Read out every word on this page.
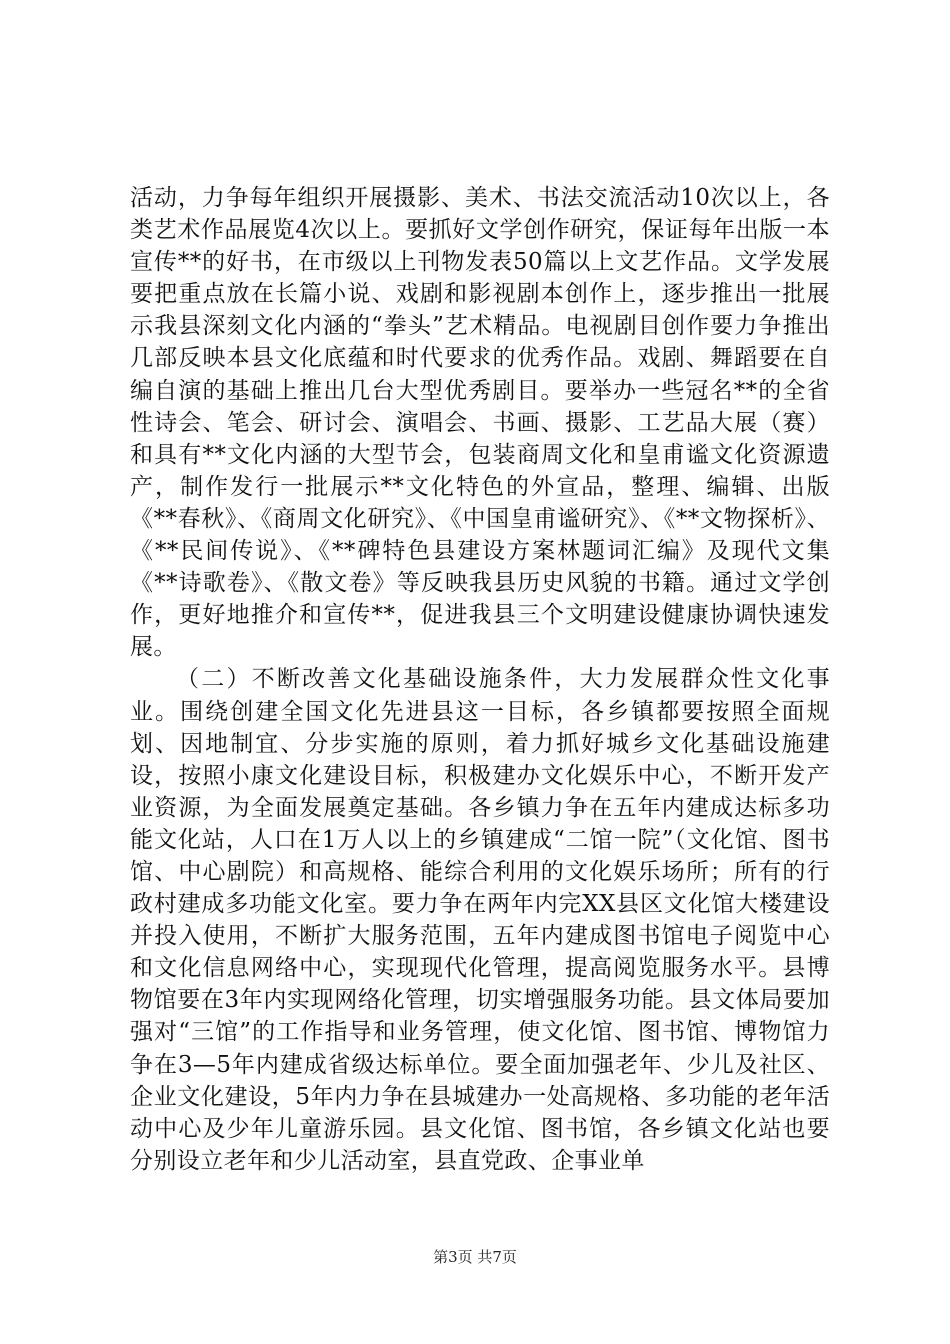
活动，力争每年组织开展摄影、美术、书法交流活动10次以上，各类艺术作品展览4次以上。要抓好文学创作研究，保证每年出版一本宣传**的好书，在市级以上刊物发表50篇以上文艺作品。文学发展要把重点放在长篇小说、戏剧和影视剧本创作上，逐步推出一批展示我县深刻文化内涵的“拳头”艺术精品。电视剧目创作要力争推出几部反映本县文化底蕴和时代要求的优秀作品。戏剧、舞蹈要在自编自演的基础上推出几台大型优秀剧目。要举办一些冠名**的全省性诗会、笔会、研讨会、演唱会、书画、摄影、工艺品大展（赛）和具有**文化内涵的大型节会，包装商周文化和皇甫谧文化资源遗产，制作发行一批展示**文化特色的外宣品，整理、编辑、出版《**春秋》、《商周文化研究》、《中国皇甫谧研究》、《**文物探析》、《**民间传说》、《**碑特色县建设方案林题词汇编》及现代文集《**诗歌卷》、《散文卷》等反映我县历史风貌的书籍。通过文学创作，更好地推介和宣传**，促进我县三个文明建设健康协调快速发展。

（二）不断改善文化基础设施条件，大力发展群众性文化事业。围绕创建全国文化先进县这一目标，各乡镇都要按照全面规划、因地制宜、分步实施的原则，着力抓好城乡文化基础设施建设，按照小康文化建设目标，积极建办文化娱乐中心，不断开发产业资源，为全面发展奠定基础。各乡镇力争在五年内建成达标多功能文化站，人口在1万人以上的乡镇建成“二馆一院”（文化馆、图书馆、中心剧院）和高规格、能综合利用的文化娱乐场所；所有的行政村建成多功能文化室。要力争在两年内完XX县区文化馆大楼建设并投入使用，不断扩大服务范围，五年内建成图书馆电子阅览中心和文化信息网络中心，实现现代化管理，提高阅览服务水平。县博物馆要在3年内实现网络化管理，切实增强服务功能。县文体局要加强对“三馆”的工作指导和业务管理，使文化馆、图书馆、博物馆力争在3—5年内建成省级达标单位。要全面加强老年、少儿及社区、企业文化建设，5年内力争在县城建办一处高规格、多功能的老年活动中心及少年儿童游乐园。县文化馆、图书馆，各乡镇文化站也要分别设立老年和少儿活动室，县直党政、企事业单

第3页 共7页
